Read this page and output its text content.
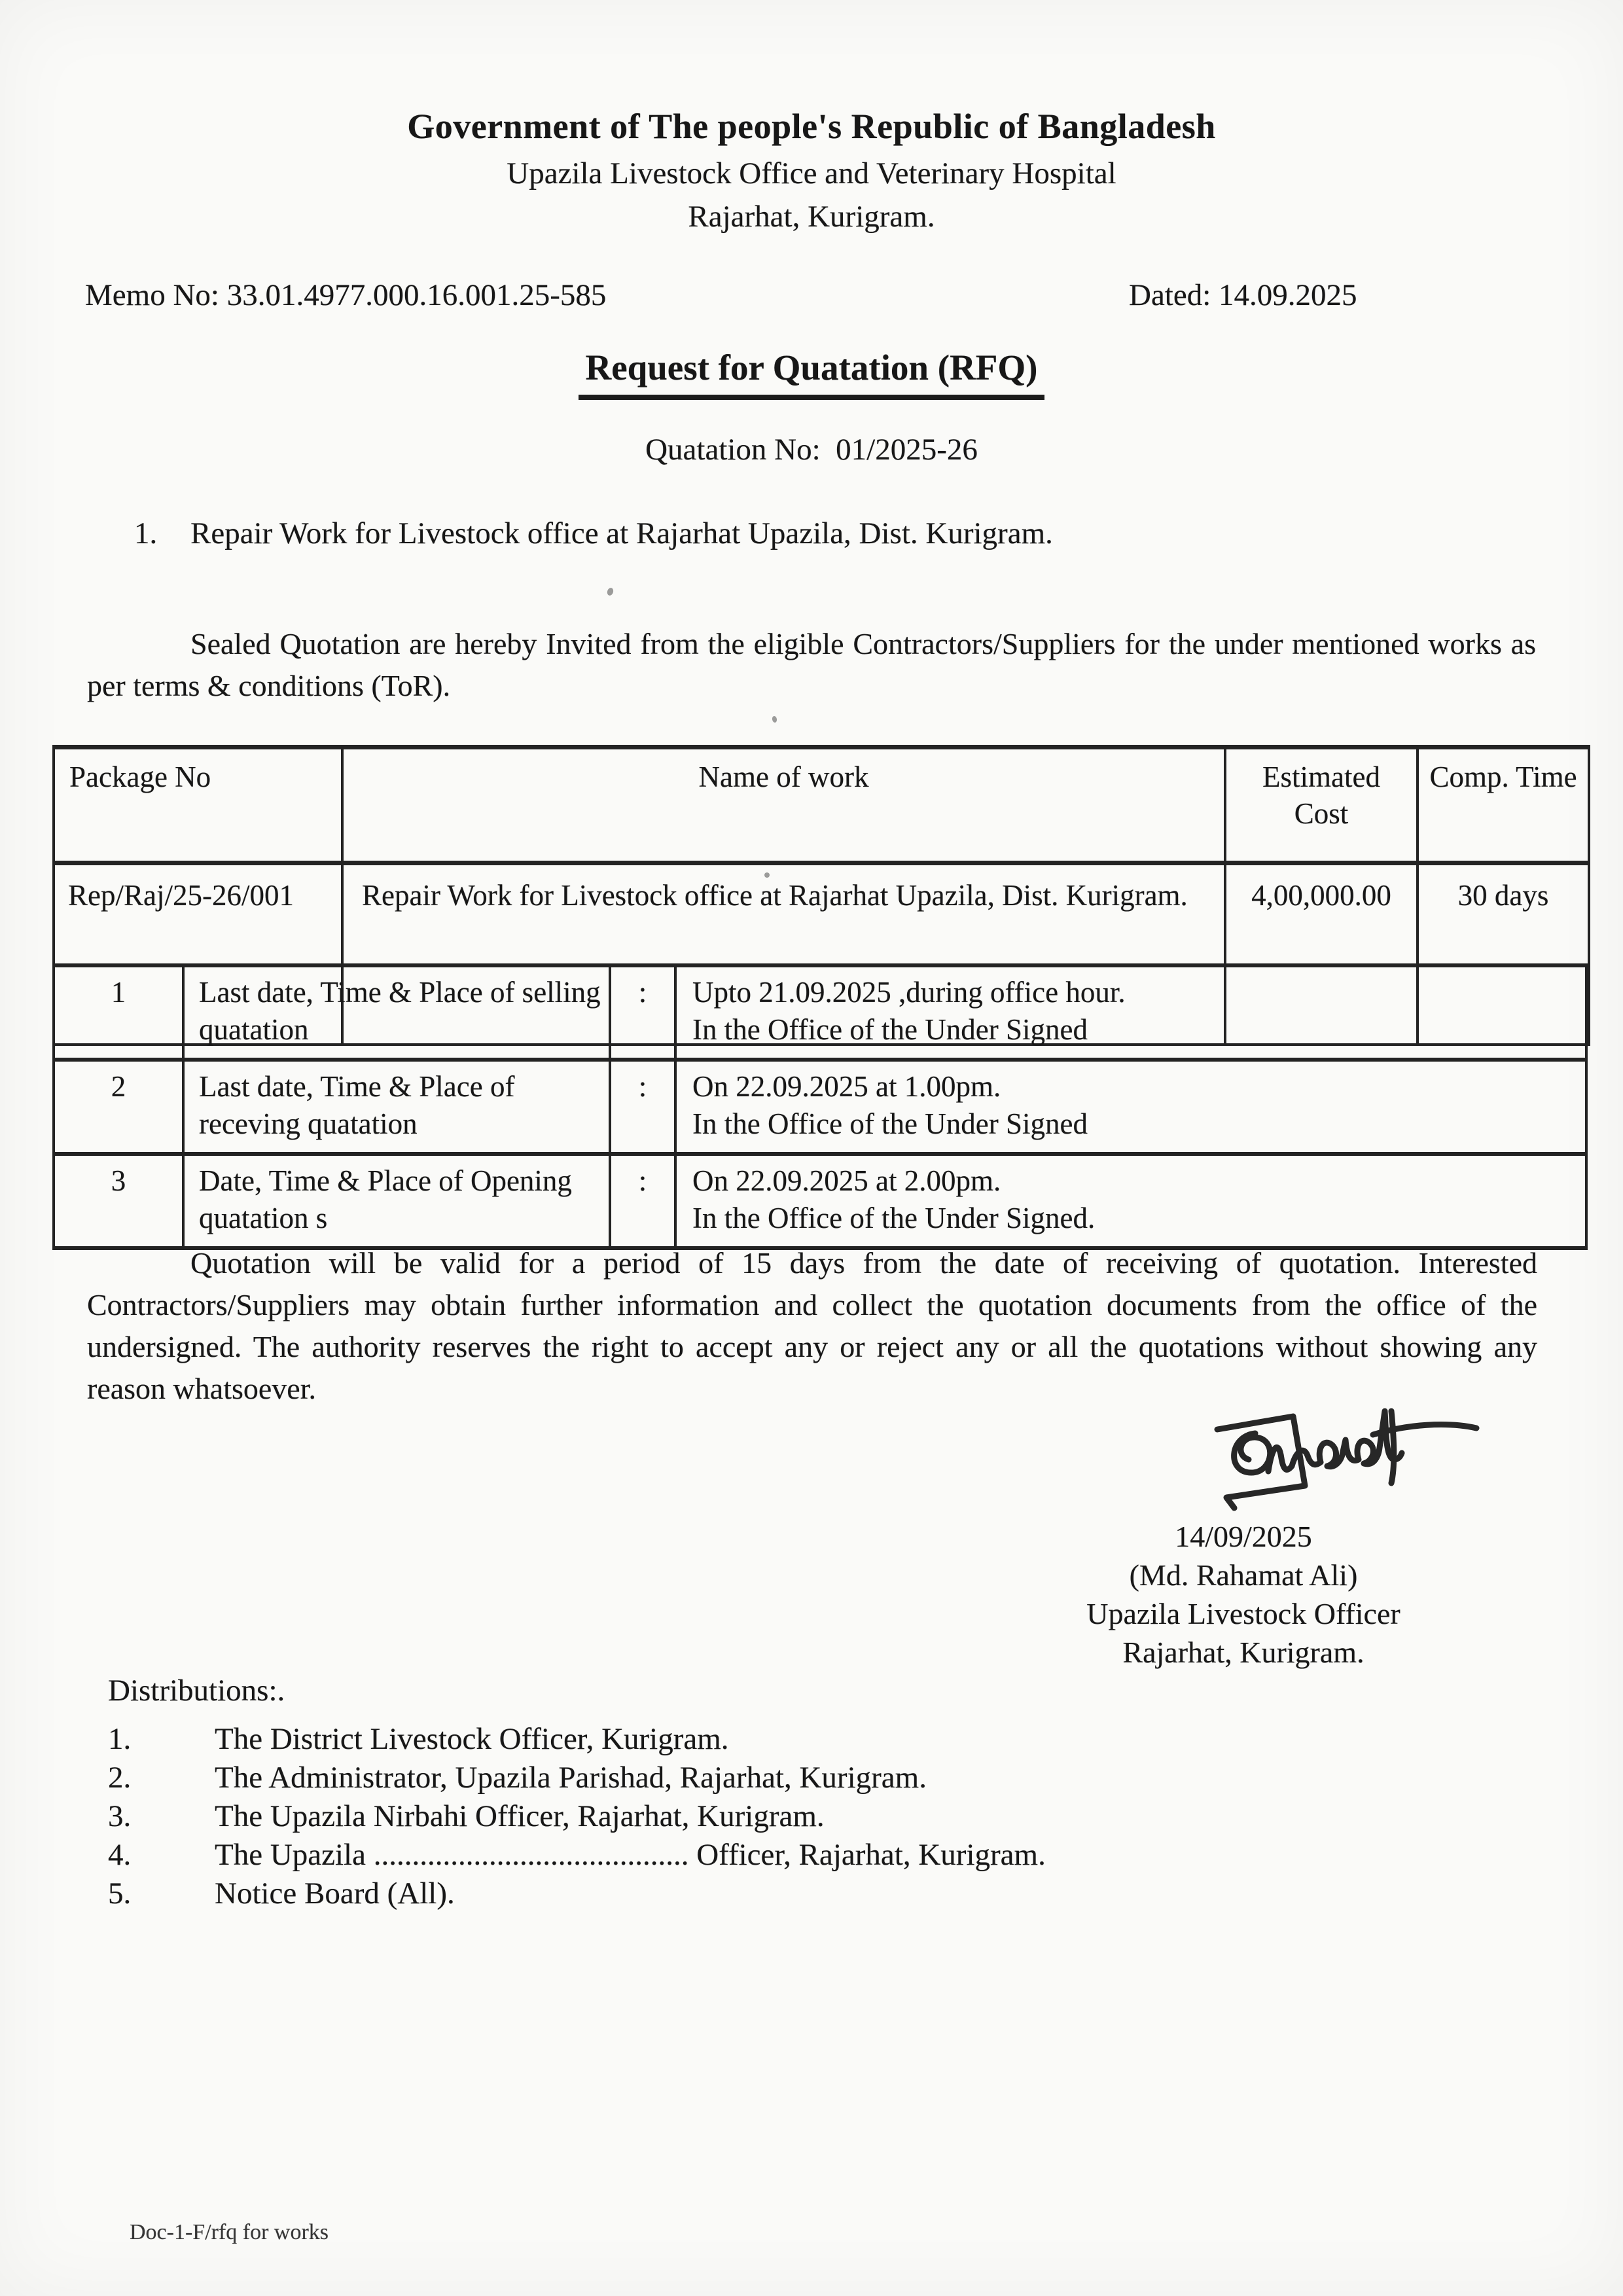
Government of The people's Republic of Bangladesh
Upazila Livestock Office and Veterinary Hospital
Rajarhat, Kurigram.
Memo No: 33.01.4977.000.16.001.25-585	Dated: 14.09.2025
Request for Quatation (RFQ)
Quatation No:  01/2025-26
1. Repair Work for Livestock office at Rajarhat Upazila, Dist. Kurigram.
Sealed Quotation are hereby Invited from the eligible Contractors/Suppliers for the under mentioned works as per terms & conditions (ToR).
Package No	Name of work	Estimated Cost	Comp. Time
Rep/Raj/25-26/001	Repair Work for Livestock office at Rajarhat Upazila, Dist. Kurigram.	4,00,000.00	30 days
1	Last date, Time & Place of selling quatation	:	Upto 21.09.2025 ,during office hour.
In the Office of the Under Signed

2	Last date, Time & Place of receving quatation	:	On 22.09.2025 at 1.00pm.
In the Office of the Under Signed

3	Date, Time & Place of Opening quatation s	:	On 22.09.2025 at 2.00pm.
In the Office of the Under Signed.
Quotation will be valid for a period of 15 days from the date of receiving of quotation. Interested Contractors/Suppliers may obtain further information and collect the quotation documents from the office of the undersigned. The authority reserves the right to accept any or reject any or all the quotations without showing any reason whatsoever.
14/09/2025
(Md. Rahamat Ali)
Upazila Livestock Officer
Rajarhat, Kurigram.
Distributions:.
1.	The District Livestock Officer, Kurigram.
2.	The Administrator, Upazila Parishad, Rajarhat, Kurigram.
3.	The Upazila Nirbahi Officer, Rajarhat, Kurigram.
4.	The Upazila ......................................... Officer, Rajarhat, Kurigram.
5.	Notice Board (All).
Doc-1-F/rfq for works
